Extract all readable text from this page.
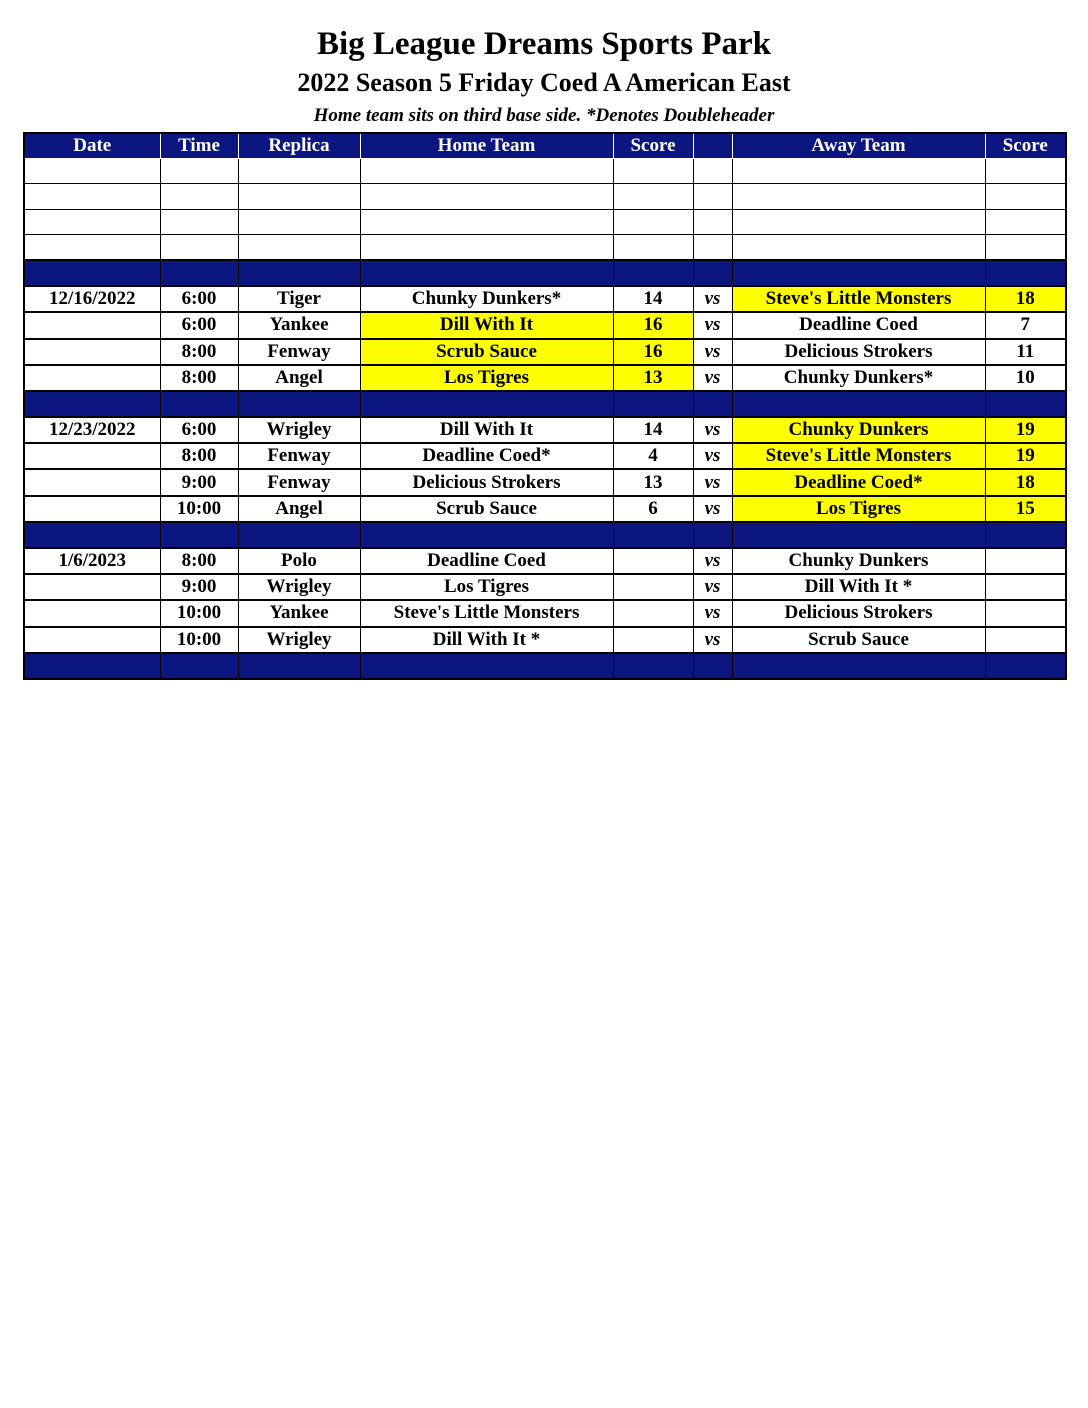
Big League Dreams Sports Park
2022 Season 5 Friday Coed A American East
Home team sits on third base side. *Denotes Doubleheader
Date	Time	Replica	Home Team	Score		Away Team	Score

12/16/2022	6:00	Tiger	Chunky Dunkers*	14	vs	Steve's Little Monsters	18
	6:00	Yankee	Dill With It	16	vs	Deadline Coed	7
	8:00	Fenway	Scrub Sauce	16	vs	Delicious Strokers	11
	8:00	Angel	Los Tigres	13	vs	Chunky Dunkers*	10

12/23/2022	6:00	Wrigley	Dill With It	14	vs	Chunky Dunkers	19
	8:00	Fenway	Deadline Coed*	4	vs	Steve's Little Monsters	19
	9:00	Fenway	Delicious Strokers	13	vs	Deadline Coed*	18
	10:00	Angel	Scrub Sauce	6	vs	Los Tigres	15

1/6/2023	8:00	Polo	Deadline Coed		vs	Chunky Dunkers	
	9:00	Wrigley	Los Tigres		vs	Dill With It *	
	10:00	Yankee	Steve's Little Monsters		vs	Delicious Strokers	
	10:00	Wrigley	Dill With It *		vs	Scrub Sauce	
